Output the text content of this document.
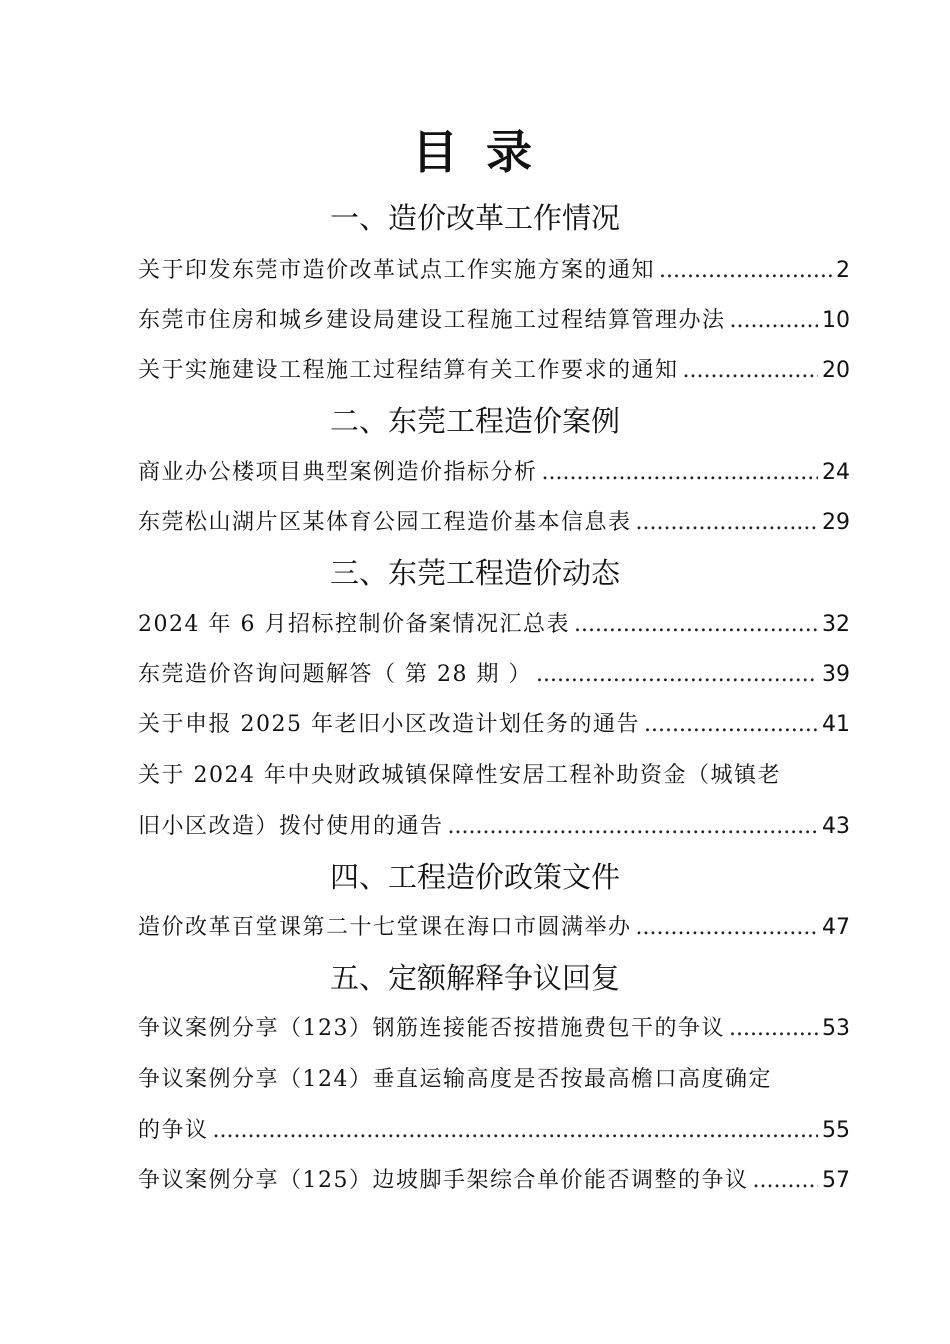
目 录
一、造价改革工作情况
关于印发东莞市造价改革试点工作实施方案的通知 .....	2
东莞市住房和城乡建设局建设工程施工过程结算管理办法 .....	10
关于实施建设工程施工过程结算有关工作要求的通知 .....	20
二、东莞工程造价案例
商业办公楼项目典型案例造价指标分析 .....	24
东莞松山湖片区某体育公园工程造价基本信息表 .....	29
三、东莞工程造价动态
2024 年 6 月招标控制价备案情况汇总表 .....	32
东莞造价咨询问题解答（ 第 28 期 ） .....	39
关于申报 2025 年老旧小区改造计划任务的通告 .....	41
关于 2024 年中央财政城镇保障性安居工程补助资金（城镇老
旧小区改造）拨付使用的通告 .....	43
四、工程造价政策文件
造价改革百堂课第二十七堂课在海口市圆满举办 .....	47
五、定额解释争议回复
争议案例分享（123）钢筋连接能否按措施费包干的争议 .....	53
争议案例分享（124）垂直运输高度是否按最高檐口高度确定
的争议 .....	55
争议案例分享（125）边坡脚手架综合单价能否调整的争议 .....	57
